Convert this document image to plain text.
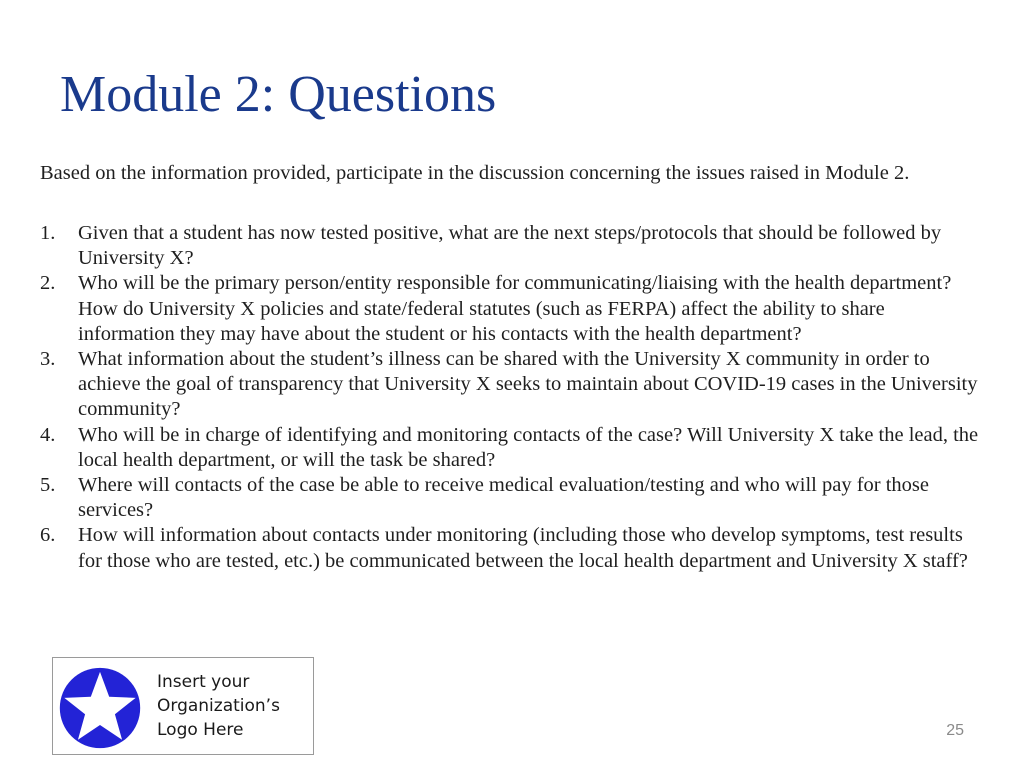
Module 2: Questions

Based on the information provided, participate in the discussion concerning the issues raised in Module 2.

1. Given that a student has now tested positive, what are the next steps/protocols that should be followed by University X?
2. Who will be the primary person/entity responsible for communicating/liaising with the health department? How do University X policies and state/federal statutes (such as FERPA) affect the ability to share information they may have about the student or his contacts with the health department?
3. What information about the student’s illness can be shared with the University X community in order to achieve the goal of transparency that University X seeks to maintain about COVID-19 cases in the University community?
4. Who will be in charge of identifying and monitoring contacts of the case? Will University X take the lead, the local health department, or will the task be shared?
5. Where will contacts of the case be able to receive medical evaluation/testing and who will pay for those services?
6. How will information about contacts under monitoring (including those who develop symptoms, test results for those who are tested, etc.) be communicated between the local health department and University X staff?
Insert your
Organization’s
Logo Here	25
